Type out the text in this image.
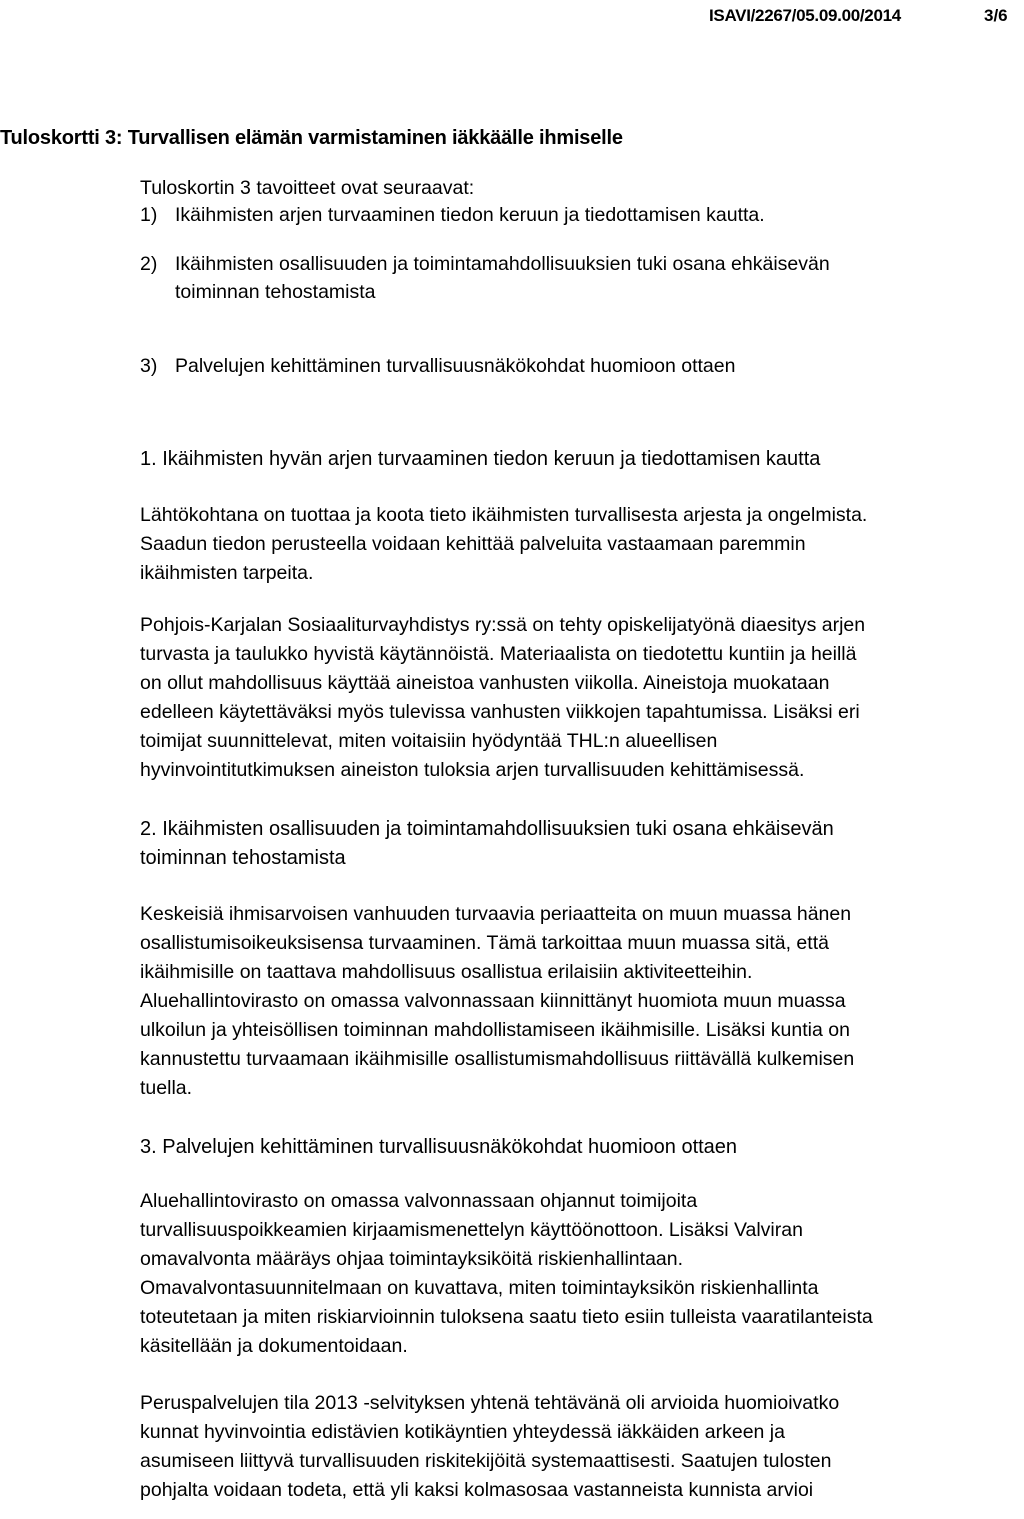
ISAVI/2267/05.09.00/2014	3/6
Tuloskortti 3: Turvallisen elämän varmistaminen iäkkäälle ihmiselle
Tuloskortin 3 tavoitteet ovat seuraavat:
1) Ikäihmisten arjen turvaaminen tiedon keruun ja tiedottamisen kautta.
2) Ikäihmisten osallisuuden ja toimintamahdollisuuksien tuki osana ehkäisevän
toiminnan tehostamista
3) Palvelujen kehittäminen turvallisuusnäkökohdat huomioon ottaen
1. Ikäihmisten hyvän arjen turvaaminen tiedon keruun ja tiedottamisen kautta
Lähtökohtana on tuottaa ja koota tieto ikäihmisten turvallisesta arjesta ja ongelmista.
Saadun tiedon perusteella voidaan kehittää palveluita vastaamaan paremmin
ikäihmisten tarpeita.
Pohjois-Karjalan Sosiaaliturvayhdistys ry:ssä on tehty opiskelijatyönä diaesitys arjen
turvasta ja taulukko hyvistä käytännöistä. Materiaalista on tiedotettu kuntiin ja heillä
on ollut mahdollisuus käyttää aineistoa vanhusten viikolla. Aineistoja muokataan
edelleen käytettäväksi myös tulevissa vanhusten viikkojen tapahtumissa. Lisäksi eri
toimijat suunnittelevat, miten voitaisiin hyödyntää THL:n alueellisen
hyvinvointitutkimuksen aineiston tuloksia arjen turvallisuuden kehittämisessä.
2. Ikäihmisten osallisuuden ja toimintamahdollisuuksien tuki osana ehkäisevän
toiminnan tehostamista
Keskeisiä ihmisarvoisen vanhuuden turvaavia periaatteita on muun muassa hänen
osallistumisoikeuksisensa turvaaminen. Tämä tarkoittaa muun muassa sitä, että
ikäihmisille on taattava mahdollisuus osallistua erilaisiin aktiviteetteihin.
Aluehallintovirasto on omassa valvonnassaan kiinnittänyt huomiota muun muassa
ulkoilun ja yhteisöllisen toiminnan mahdollistamiseen ikäihmisille. Lisäksi kuntia on
kannustettu turvaamaan ikäihmisille osallistumismahdollisuus riittävällä kulkemisen
tuella.
3. Palvelujen kehittäminen turvallisuusnäkökohdat huomioon ottaen
Aluehallintovirasto on omassa valvonnassaan ohjannut toimijoita
turvallisuuspoikkeamien kirjaamismenettelyn käyttöönottoon. Lisäksi Valviran
omavalvonta määräys ohjaa toimintayksiköitä riskienhallintaan.
Omavalvontasuunnitelmaan on kuvattava, miten toimintayksikön riskienhallinta
toteutetaan ja miten riskiarvioinnin tuloksena saatu tieto esiin tulleista vaaratilanteista
käsitellään ja dokumentoidaan.
Peruspalvelujen tila 2013 -selvityksen yhtenä tehtävänä oli arvioida huomioivatko
kunnat hyvinvointia edistävien kotikäyntien yhteydessä iäkkäiden arkeen ja
asumiseen liittyvä turvallisuuden riskitekijöitä systemaattisesti. Saatujen tulosten
pohjalta voidaan todeta, että yli kaksi kolmasosaa vastanneista kunnista arvioi
